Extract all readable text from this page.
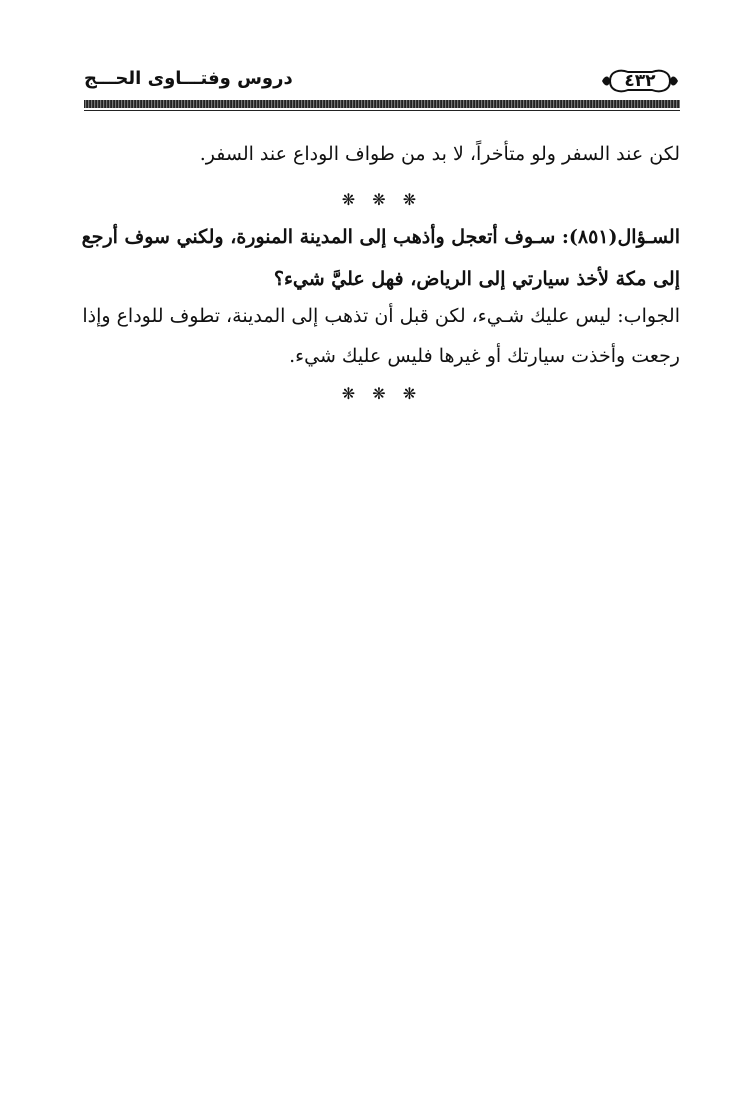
دروس وفتـــاوى الحـــج	٤٣٢

لكن عند السفر ولو متأخراً، لا بد من طواف الوداع عند السفر.

❋ ❋ ❋

السـؤال(٨٥١): سـوف أتعجل وأذهب إلى المدينة المنورة، ولكني سوف أرجع
إلى مكة لأخذ سيارتي إلى الرياض، فهل عليَّ شيء؟

الجواب: ليس عليك شـيء، لكن قبل أن تذهب إلى المدينة، تطوف للوداع وإذا
رجعت وأخذت سيارتك أو غيرها فليس عليك شيء.

❋ ❋ ❋
